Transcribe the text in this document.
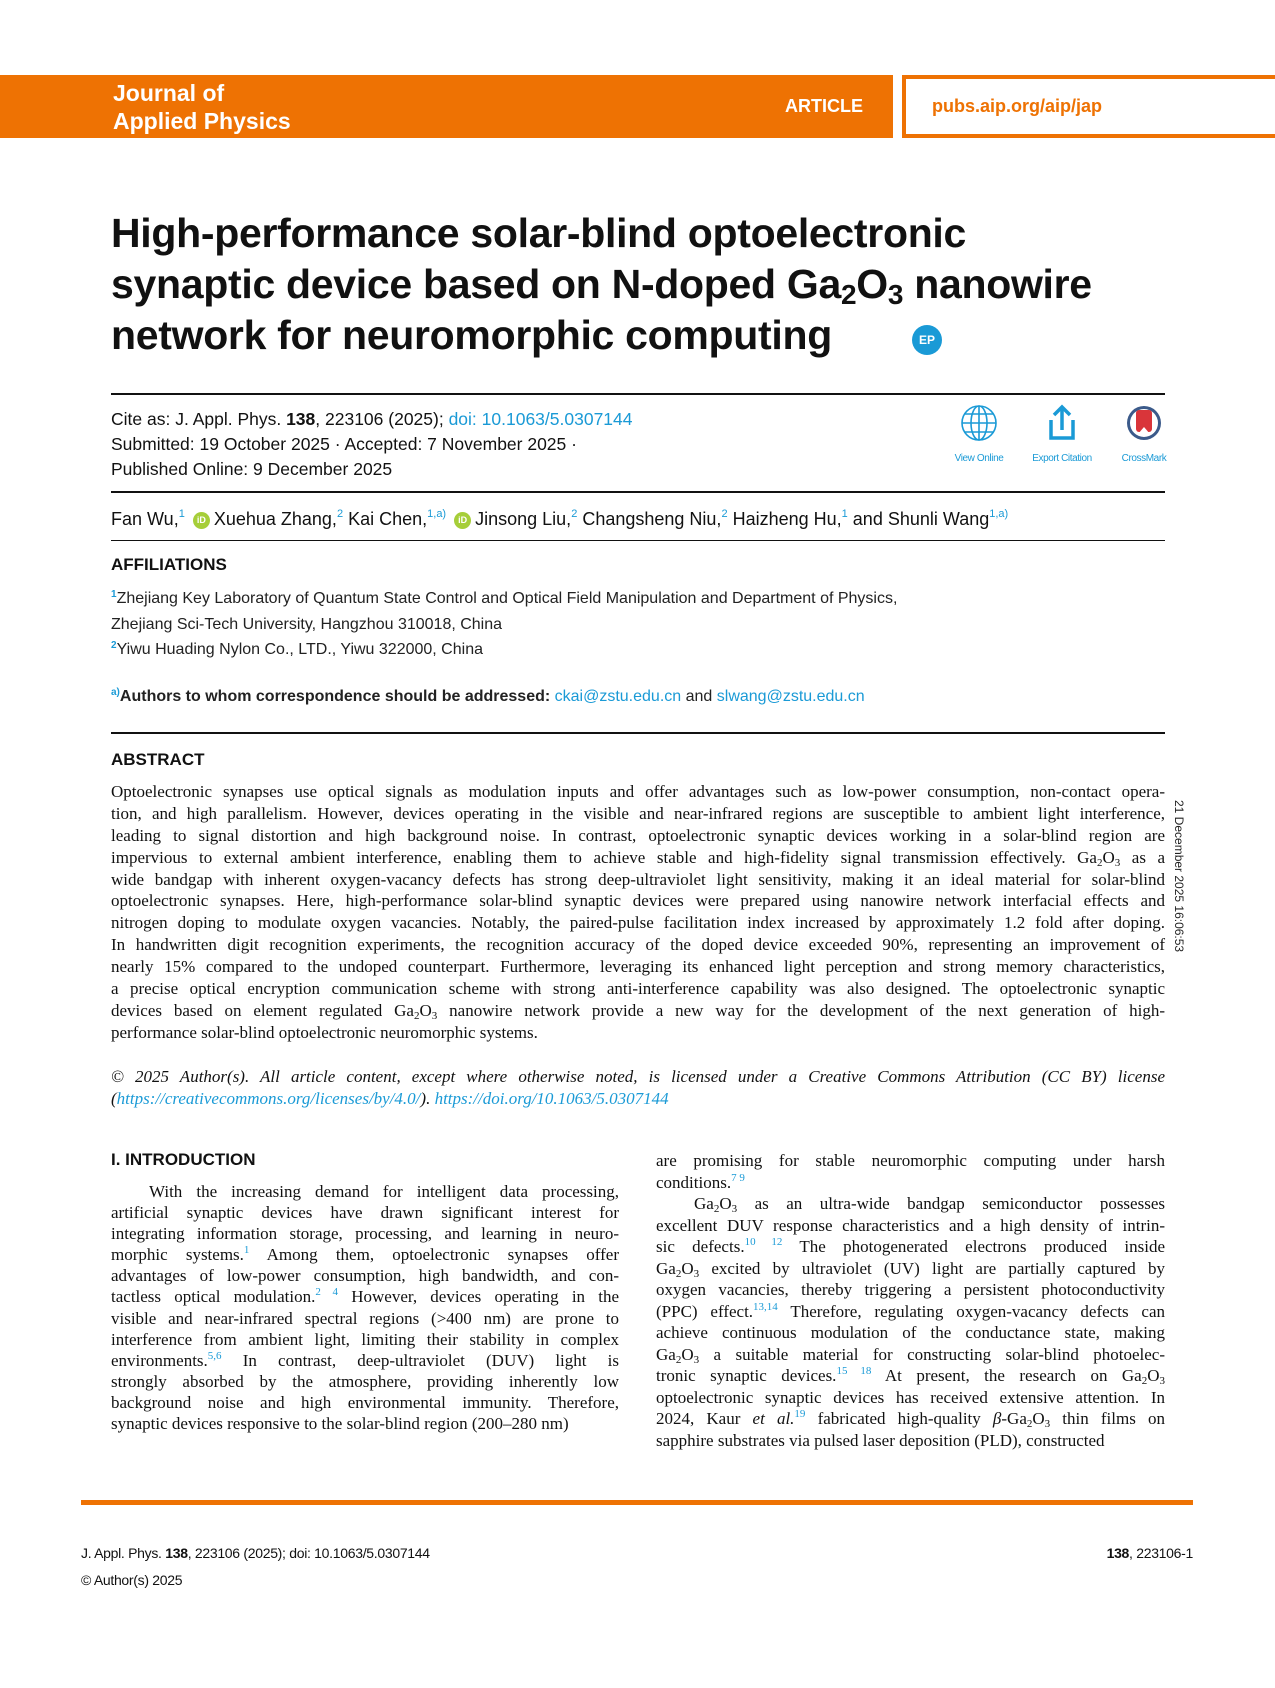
Journal of
Applied Physics
ARTICLE	pubs.aip.org/aip/jap
High-performance solar-blind optoelectronic
synaptic device based on N-doped $Ga_2O_3$ nanowire
network for neuromorphic computing	EP
Cite as: J. Appl. Phys. 138, 223106 (2025); doi: 10.1063/5.0307144
Submitted: 19 October 2025 · Accepted: 7 November 2025 ·
Published Online: 9 December 2025
View Online	Export Citation	CrossMark
Fan Wu,$^1$ iD Xuehua Zhang,$^2$ Kai Chen,$^{1,a)}$ iD Jinsong Liu,$^2$ Changsheng Niu,$^2$ Haizheng Hu,$^1$ and Shunli Wang$^{1,a)}$
AFFILIATIONS
$^1$Zhejiang Key Laboratory of Quantum State Control and Optical Field Manipulation and Department of Physics,
Zhejiang Sci-Tech University, Hangzhou 310018, China
$^2$Yiwu Huading Nylon Co., LTD., Yiwu 322000, China
$^{a)}$Authors to whom correspondence should be addressed: ckai@zstu.edu.cn and slwang@zstu.edu.cn
ABSTRACT
Optoelectronic synapses use optical signals as modulation inputs and offer advantages such as low-power consumption, non-contact opera-
tion, and high parallelism. However, devices operating in the visible and near-infrared regions are susceptible to ambient light interference,
leading to signal distortion and high background noise. In contrast, optoelectronic synaptic devices working in a solar-blind region are
impervious to external ambient interference, enabling them to achieve stable and high-fidelity signal transmission effectively. $Ga_2O_3$ as a
wide bandgap with inherent oxygen-vacancy defects has strong deep-ultraviolet light sensitivity, making it an ideal material for solar-blind
optoelectronic synapses. Here, high-performance solar-blind synaptic devices were prepared using nanowire network interfacial effects and
nitrogen doping to modulate oxygen vacancies. Notably, the paired-pulse facilitation index increased by approximately 1.2 fold after doping.
In handwritten digit recognition experiments, the recognition accuracy of the doped device exceeded 90%, representing an improvement of
nearly 15% compared to the undoped counterpart. Furthermore, leveraging its enhanced light perception and strong memory characteristics,
a precise optical encryption communication scheme with strong anti-interference capability was also designed. The optoelectronic synaptic
devices based on element regulated $Ga_2O_3$ nanowire network provide a new way for the development of the next generation of high-
performance solar-blind optoelectronic neuromorphic systems.
© 2025 Author(s). All article content, except where otherwise noted, is licensed under a Creative Commons Attribution (CC BY) license
(https://creativecommons.org/licenses/by/4.0/). https://doi.org/10.1063/5.0307144
I. INTRODUCTION
With the increasing demand for intelligent data processing,
artificial synaptic devices have drawn significant interest for
integrating information storage, processing, and learning in neuro-
morphic systems.$^1$ Among them, optoelectronic synapses offer
advantages of low-power consumption, high bandwidth, and con-
tactless optical modulation.$^{2 4}$ However, devices operating in the
visible and near-infrared spectral regions (>400 nm) are prone to
interference from ambient light, limiting their stability in complex
environments.$^{5,6}$ In contrast, deep-ultraviolet (DUV) light is
strongly absorbed by the atmosphere, providing inherently low
background noise and high environmental immunity. Therefore,
synaptic devices responsive to the solar-blind region (200–280 nm)
are promising for stable neuromorphic computing under harsh
conditions.$^{7 9}$
$Ga_2O_3$ as an ultra-wide bandgap semiconductor possesses
excellent DUV response characteristics and a high density of intrin-
sic defects.$^{10 12}$ The photogenerated electrons produced inside
$Ga_2O_3$ excited by ultraviolet (UV) light are partially captured by
oxygen vacancies, thereby triggering a persistent photoconductivity
(PPC) effect.$^{13,14}$ Therefore, regulating oxygen-vacancy defects can
achieve continuous modulation of the conductance state, making
$Ga_2O_3$ a suitable material for constructing solar-blind photoelec-
tronic synaptic devices.$^{15 18}$ At present, the research on $Ga_2O_3$
optoelectronic synaptic devices has received extensive attention. In
2024, Kaur et al.$^{19}$ fabricated high-quality $\beta-Ga_2O_3$ thin films on
sapphire substrates via pulsed laser deposition (PLD), constructed
21 December 2025 16:06:53
J. Appl. Phys. 138, 223106 (2025); doi: 10.1063/5.0307144
© Author(s) 2025
138, 223106-1
